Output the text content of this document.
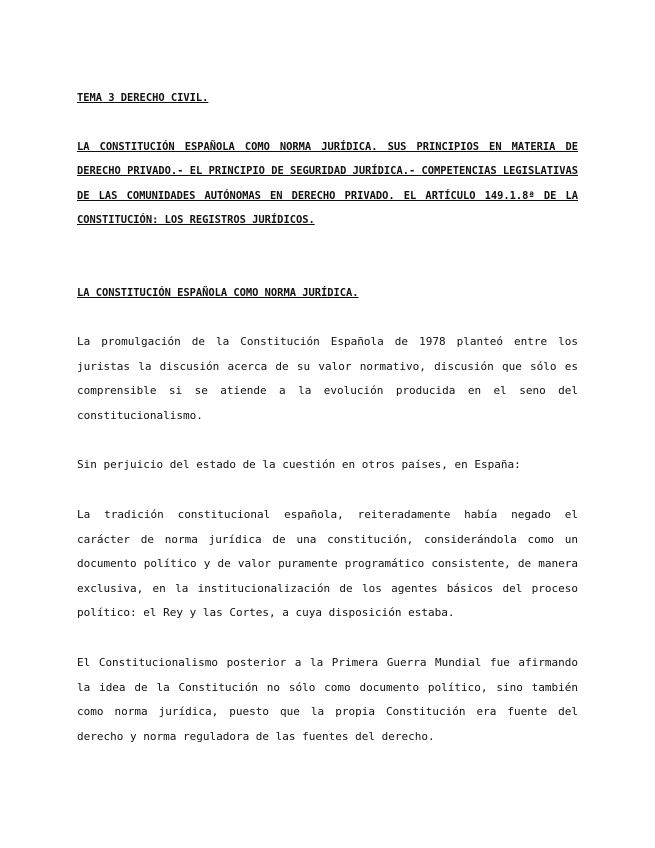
TEMA 3 DERECHO CIVIL.

LA CONSTITUCIÓN ESPAÑOLA COMO NORMA JURÍDICA. SUS PRINCIPIOS EN MATERIA DE DERECHO PRIVADO.- EL PRINCIPIO DE SEGURIDAD JURÍDICA.- COMPETENCIAS LEGISLATIVAS DE LAS COMUNIDADES AUTÓNOMAS EN DERECHO PRIVADO. EL ARTÍCULO 149.1.8ª DE LA CONSTITUCIÓN: LOS REGISTROS JURÍDICOS.

LA CONSTITUCIÓN ESPAÑOLA COMO NORMA JURÍDICA.

La promulgación de la Constitución Española de 1978 planteó entre los juristas la discusión acerca de su valor normativo, discusión que sólo es comprensible si se atiende a la evolución producida en el seno del constitucionalismo.

Sin perjuicio del estado de la cuestión en otros países, en España:

La tradición constitucional española, reiteradamente había negado el carácter de norma jurídica de una constitución, considerándola como un documento político y de valor puramente programático consistente, de manera exclusiva, en la institucionalización de los agentes básicos del proceso político: el Rey y las Cortes, a cuya disposición estaba.

El Constitucionalismo posterior a la Primera Guerra Mundial fue afirmando la idea de la Constitución no sólo como documento político, sino también como norma jurídica, puesto que la propia Constitución era fuente del derecho y norma reguladora de las fuentes del derecho.
